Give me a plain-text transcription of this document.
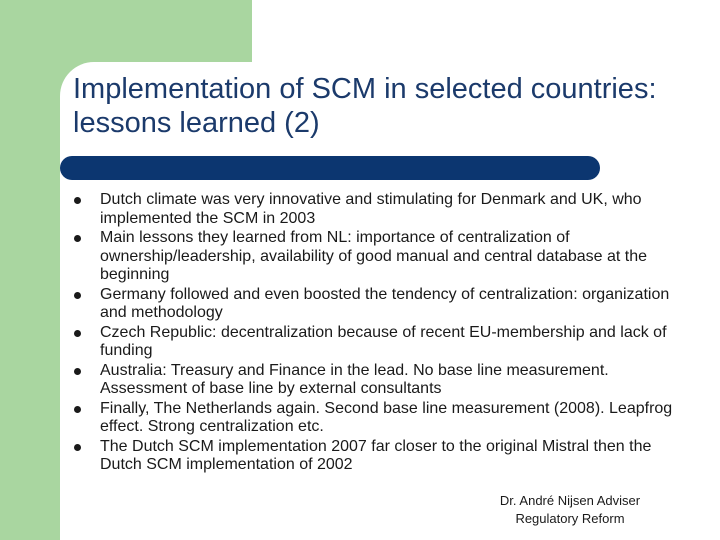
Implementation of SCM in selected countries: lessons learned (2)
Dutch climate was very innovative and stimulating for Denmark and UK, who implemented the SCM in 2003
Main lessons they learned from NL: importance of centralization of ownership/leadership, availability of good manual and central database at the beginning
Germany followed and even boosted the tendency of centralization: organization and methodology
Czech Republic: decentralization because of recent EU-membership and lack of funding
Australia: Treasury and Finance in the lead. No base line measurement. Assessment of base line by external consultants
Finally, The Netherlands again. Second base line measurement (2008). Leapfrog effect. Strong centralization etc.
The Dutch SCM implementation 2007 far closer to the original Mistral then the Dutch SCM implementation of 2002
Dr. André Nijsen Adviser
Regulatory Reform
